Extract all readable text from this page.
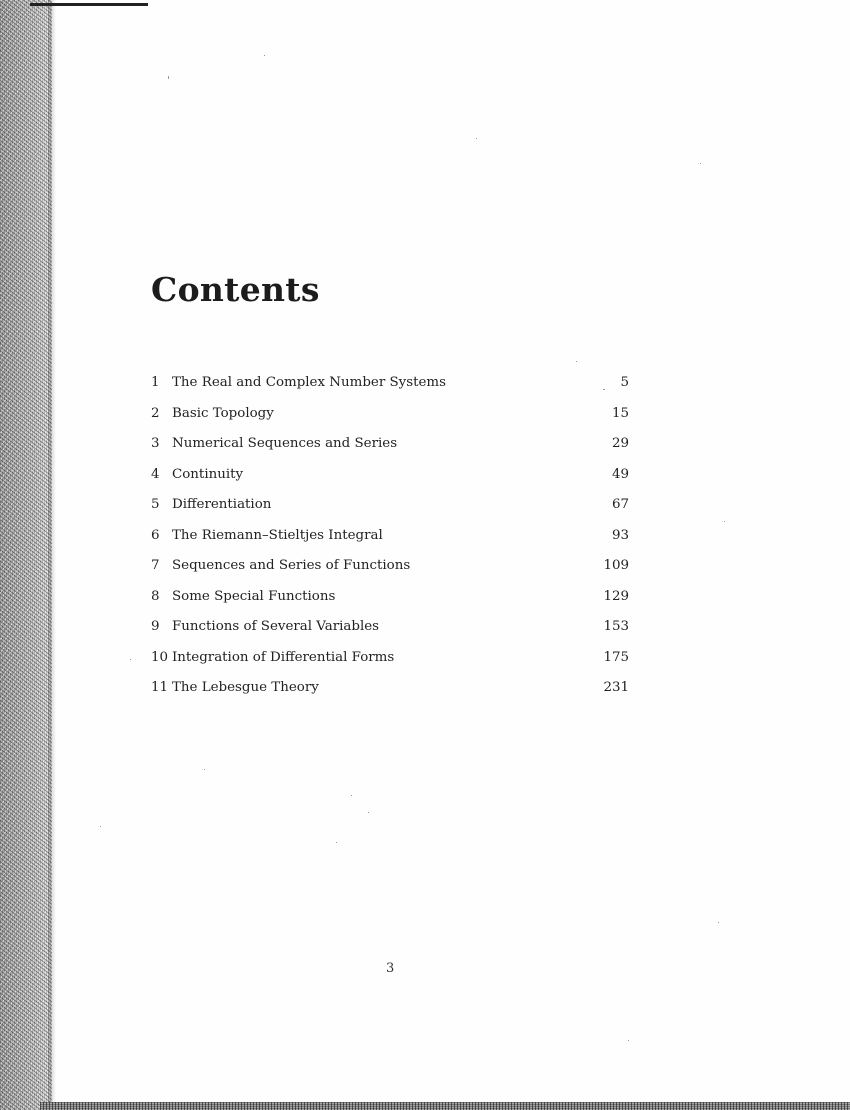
Contents
1 The Real and Complex Number Systems	5
2 Basic Topology	15
3 Numerical Sequences and Series	29
4 Continuity	49
5 Differentiation	67
6 The Riemann–Stieltjes Integral	93
7 Sequences and Series of Functions	109
8 Some Special Functions	129
9 Functions of Several Variables	153
10 Integration of Differential Forms	175
11 The Lebesgue Theory	231
3
